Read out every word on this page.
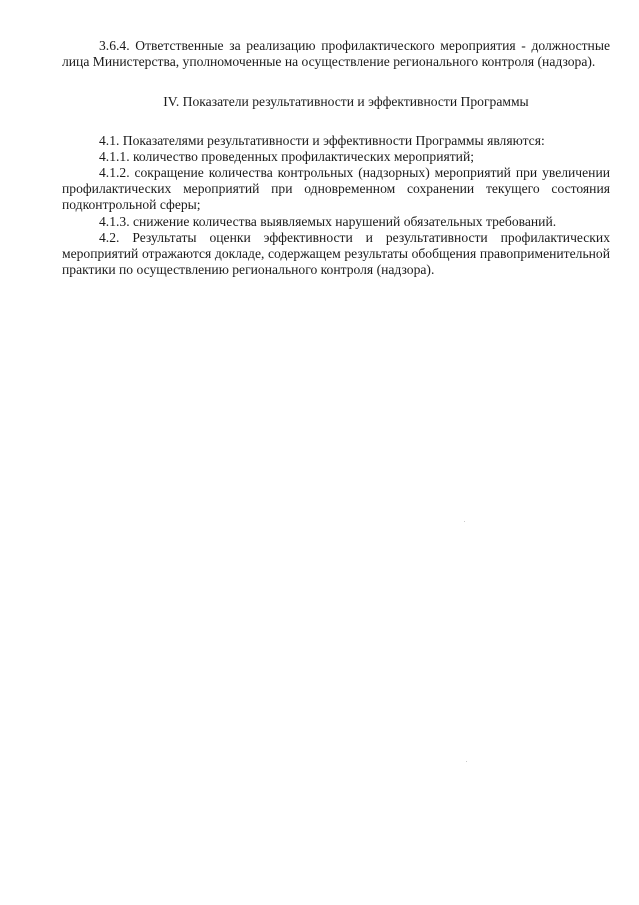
3.6.4. Ответственные за реализацию профилактического мероприятия - должностные лица Министерства, уполномоченные на осуществление регионального контроля (надзора).

IV. Показатели результативности и эффективности Программы

4.1. Показателями результативности и эффективности Программы являются:

4.1.1. количество проведенных профилактических мероприятий;

4.1.2. сокращение количества контрольных (надзорных) мероприятий при увеличении профилактических мероприятий при одновременном сохранении текущего состояния подконтрольной сферы;

4.1.3. снижение количества выявляемых нарушений обязательных требований.

4.2. Результаты оценки эффективности и результативности профилактических мероприятий отражаются докладе, содержащем результаты обобщения правоприменительной практики по осуществлению регионального контроля (надзора).
